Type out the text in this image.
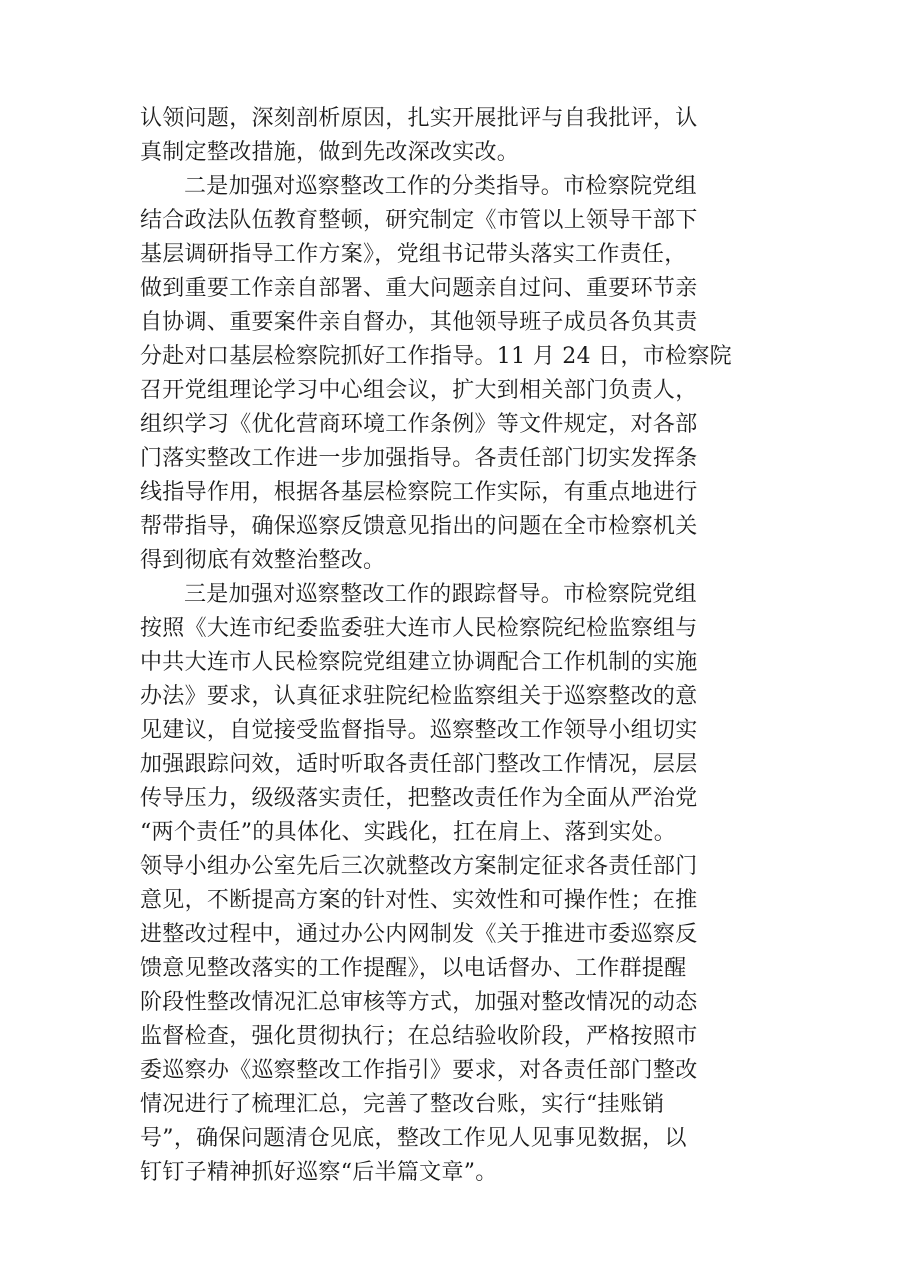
认领问题，深刻剖析原因，扎实开展批评与自我批评，认
真制定整改措施，做到先改深改实改。
二是加强对巡察整改工作的分类指导。市检察院党组
结合政法队伍教育整顿，研究制定《市管以上领导干部下
基层调研指导工作方案》，党组书记带头落实工作责任，
做到重要工作亲自部署、重大问题亲自过问、重要环节亲
自协调、重要案件亲自督办，其他领导班子成员各负其责
分赴对口基层检察院抓好工作指导。11 月 24 日，市检察院
召开党组理论学习中心组会议，扩大到相关部门负责人，
组织学习《优化营商环境工作条例》等文件规定，对各部
门落实整改工作进一步加强指导。各责任部门切实发挥条
线指导作用，根据各基层检察院工作实际，有重点地进行
帮带指导，确保巡察反馈意见指出的问题在全市检察机关
得到彻底有效整治整改。
三是加强对巡察整改工作的跟踪督导。市检察院党组
按照《大连市纪委监委驻大连市人民检察院纪检监察组与
中共大连市人民检察院党组建立协调配合工作机制的实施
办法》要求，认真征求驻院纪检监察组关于巡察整改的意
见建议，自觉接受监督指导。巡察整改工作领导小组切实
加强跟踪问效，适时听取各责任部门整改工作情况，层层
传导压力，级级落实责任，把整改责任作为全面从严治党
“两个责任”的具体化、实践化，扛在肩上、落到实处。
领导小组办公室先后三次就整改方案制定征求各责任部门
意见，不断提高方案的针对性、实效性和可操作性；在推
进整改过程中，通过办公内网制发《关于推进市委巡察反
馈意见整改落实的工作提醒》，以电话督办、工作群提醒
阶段性整改情况汇总审核等方式，加强对整改情况的动态
监督检查，强化贯彻执行；在总结验收阶段，严格按照市
委巡察办《巡察整改工作指引》要求，对各责任部门整改
情况进行了梳理汇总，完善了整改台账，实行“挂账销
号”，确保问题清仓见底，整改工作见人见事见数据，以
钉钉子精神抓好巡察“后半篇文章”。
